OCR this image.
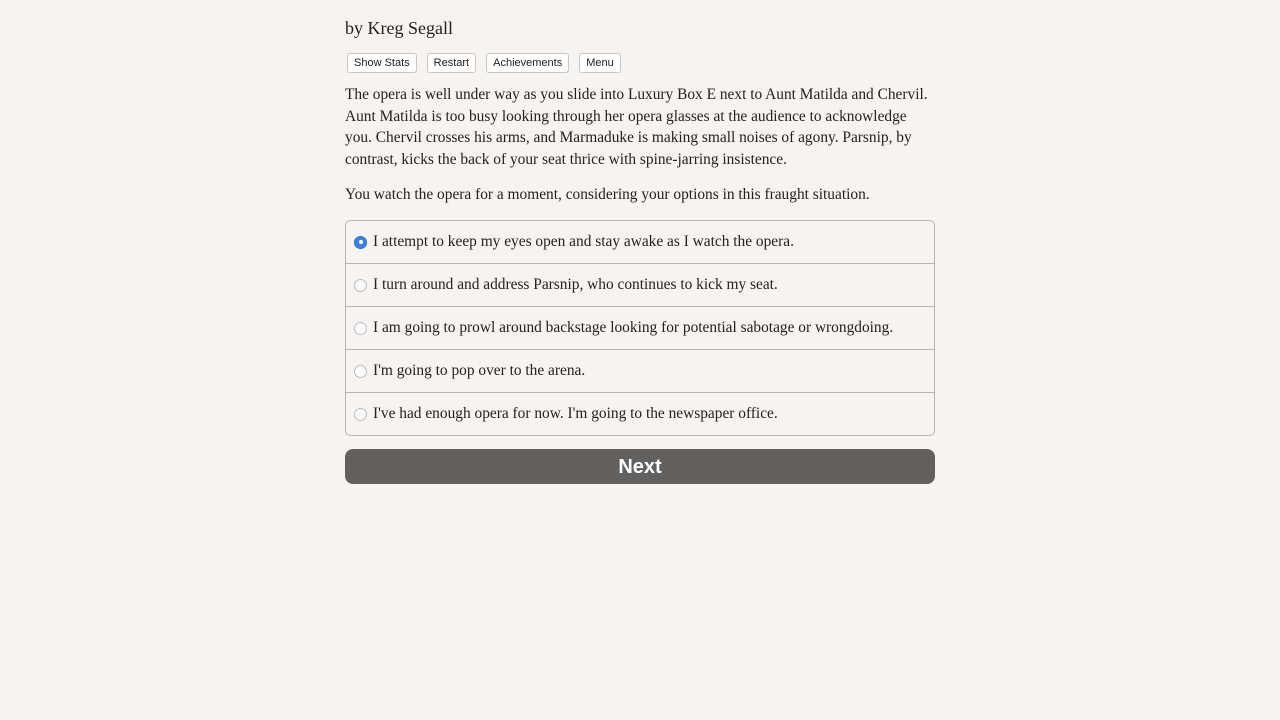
by Kreg Segall
Show Stats	Restart	Achievements	Menu

The opera is well under way as you slide into Luxury Box E next to Aunt Matilda and Chervil. Aunt Matilda is too busy looking through her opera glasses at the audience to acknowledge you. Chervil crosses his arms, and Marmaduke is making small noises of agony. Parsnip, by contrast, kicks the back of your seat thrice with spine-jarring insistence.

You watch the opera for a moment, considering your options in this fraught situation.

I attempt to keep my eyes open and stay awake as I watch the opera.
I turn around and address Parsnip, who continues to kick my seat.
I am going to prowl around backstage looking for potential sabotage or wrongdoing.
I'm going to pop over to the arena.
I've had enough opera for now. I'm going to the newspaper office.
Next
